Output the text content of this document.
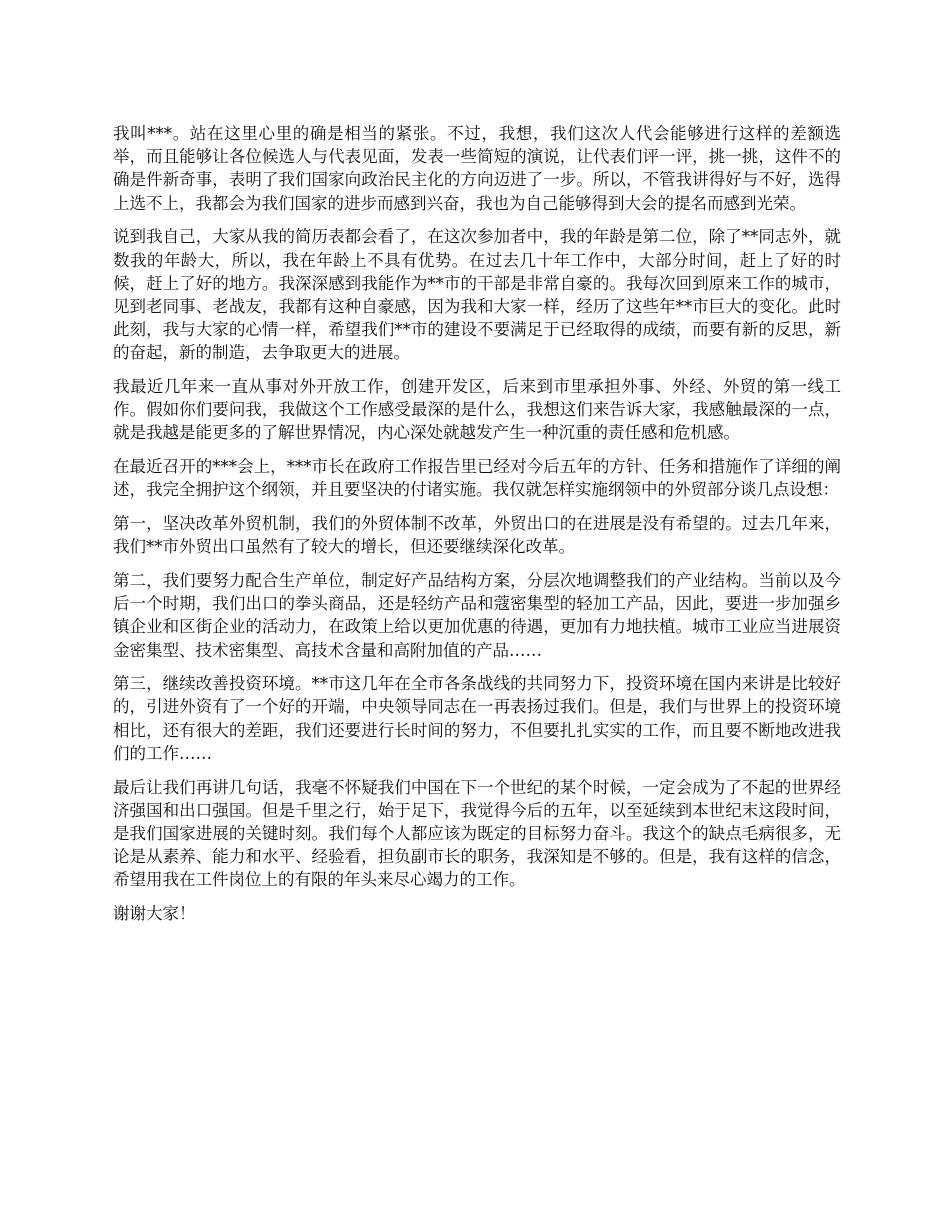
我叫***。站在这里心里的确是相当的紧张。不过，我想，我们这次人代会能够进行这样的差额选举，而且能够让各位候选人与代表见面，发表一些简短的演说，让代表们评一评，挑一挑，这件不的确是件新奇事，表明了我们国家向政治民主化的方向迈进了一步。所以，不管我讲得好与不好，选得上选不上，我都会为我们国家的进步而感到兴奋，我也为自己能够得到大会的提名而感到光荣。

说到我自己，大家从我的简历表都会看了，在这次参加者中，我的年龄是第二位，除了**同志外，就数我的年龄大，所以，我在年龄上不具有优势。在过去几十年工作中，大部分时间，赶上了好的时候，赶上了好的地方。我深深感到我能作为**市的干部是非常自豪的。我每次回到原来工作的城市，见到老同事、老战友，我都有这种自豪感，因为我和大家一样，经历了这些年**市巨大的变化。此时此刻，我与大家的心情一样，希望我们**市的建设不要满足于已经取得的成绩，而要有新的反思，新的奋起，新的制造，去争取更大的进展。

我最近几年来一直从事对外开放工作，创建开发区，后来到市里承担外事、外经、外贸的第一线工作。假如你们要问我，我做这个工作感受最深的是什么，我想这们来告诉大家，我感触最深的一点，就是我越是能更多的了解世界情况，内心深处就越发产生一种沉重的责任感和危机感。

在最近召开的***会上，***市长在政府工作报告里已经对今后五年的方针、任务和措施作了详细的阐述，我完全拥护这个纲领，并且要坚决的付诸实施。我仅就怎样实施纲领中的外贸部分谈几点设想：

第一，坚决改革外贸机制，我们的外贸体制不改革，外贸出口的在进展是没有希望的。过去几年来，我们**市外贸出口虽然有了较大的增长，但还要继续深化改革。

第二，我们要努力配合生产单位，制定好产品结构方案，分层次地调整我们的产业结构。当前以及今后一个时期，我们出口的拳头商品，还是轻纺产品和蔻密集型的轻加工产品，因此，要进一步加强乡镇企业和区街企业的活动力，在政策上给以更加优惠的待遇，更加有力地扶植。城市工业应当进展资金密集型、技术密集型、高技术含量和高附加值的产品……

第三，继续改善投资环境。**市这几年在全市各条战线的共同努力下，投资环境在国内来讲是比较好的，引进外资有了一个好的开端，中央领导同志在一再表扬过我们。但是，我们与世界上的投资环境相比，还有很大的差距，我们还要进行长时间的努力，不但要扎扎实实的工作，而且要不断地改进我们的工作……

最后让我们再讲几句话，我毫不怀疑我们中国在下一个世纪的某个时候，一定会成为了不起的世界经济强国和出口强国。但是千里之行，始于足下，我觉得今后的五年，以至延续到本世纪末这段时间，是我们国家进展的关键时刻。我们每个人都应该为既定的目标努力奋斗。我这个的缺点毛病很多，无论是从素养、能力和水平、经验看，担负副市长的职务，我深知是不够的。但是，我有这样的信念，希望用我在工件岗位上的有限的年头来尽心竭力的工作。

谢谢大家！
